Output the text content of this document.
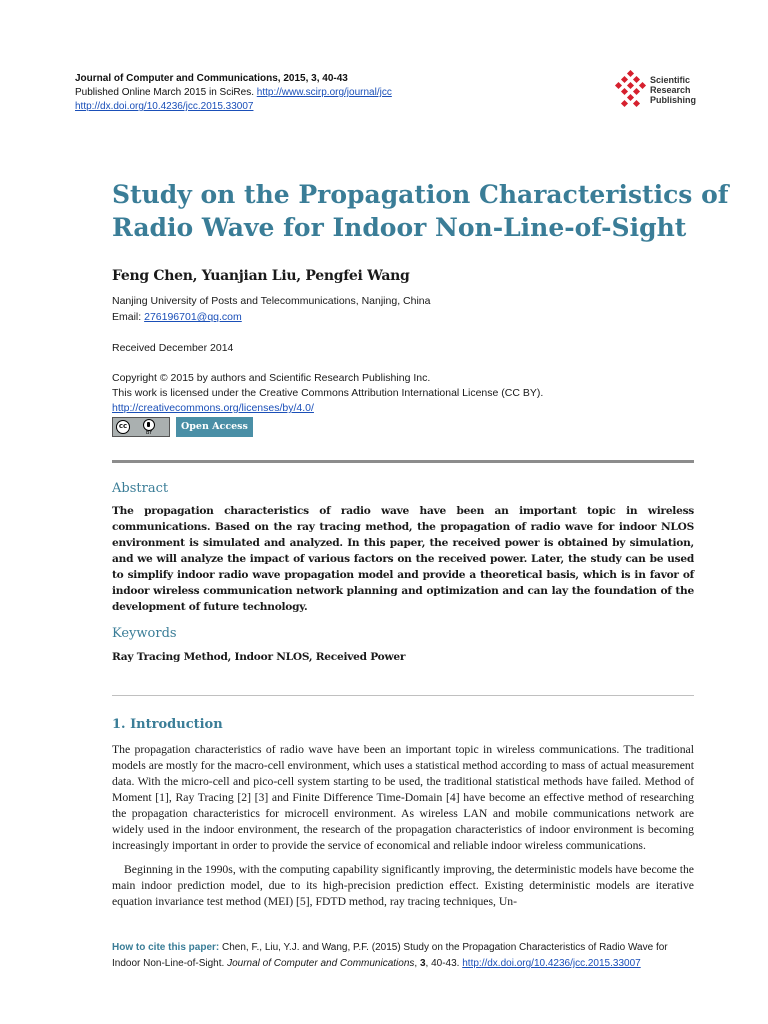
Journal of Computer and Communications, 2015, 3, 40-43
Published Online March 2015 in SciRes. http://www.scirp.org/journal/jcc
http://dx.doi.org/10.4236/jcc.2015.33007
Scientific
Research
Publishing
Study on the Propagation Characteristics of
Radio Wave for Indoor Non-Line-of-Sight
Feng Chen, Yuanjian Liu, Pengfei Wang
Nanjing University of Posts and Telecommunications, Nanjing, China
Email: 276196701@qq.com
Received December 2014
Copyright © 2015 by authors and Scientific Research Publishing Inc.
This work is licensed under the Creative Commons Attribution International License (CC BY).
http://creativecommons.org/licenses/by/4.0/
cc
BY
Open Access
Abstract
The propagation characteristics of radio wave have been an important topic in wireless communications. Based on the ray tracing method, the propagation of radio wave for indoor NLOS environment is simulated and analyzed. In this paper, the received power is obtained by simulation, and we will analyze the impact of various factors on the received power. Later, the study can be used to simplify indoor radio wave propagation model and provide a theoretical basis, which is in favor of indoor wireless communication network planning and optimization and can lay the foundation of the development of future technology.
Keywords
Ray Tracing Method, Indoor NLOS, Received Power
1. Introduction
The propagation characteristics of radio wave have been an important topic in wireless communications. The traditional models are mostly for the macro-cell environment, which uses a statistical method according to mass of actual measurement data. With the micro-cell and pico-cell system starting to be used, the traditional statistical methods have failed. Method of Moment [1], Ray Tracing [2] [3] and Finite Difference Time-Domain [4] have become an effective method of researching the propagation characteristics for microcell environment. As wireless LAN and mobile communications network are widely used in the indoor environment, the research of the propagation characteristics of indoor environment is becoming increasingly important in order to provide the service of economical and reliable indoor wireless communications.
Beginning in the 1990s, with the computing capability significantly improving, the deterministic models have become the main indoor prediction model, due to its high-precision prediction effect. Existing deterministic models are iterative equation invariance test method (MEI) [5], FDTD method, ray tracing techniques, Un-
How to cite this paper: Chen, F., Liu, Y.J. and Wang, P.F. (2015) Study on the Propagation Characteristics of Radio Wave for
Indoor Non-Line-of-Sight. Journal of Computer and Communications, 3, 40-43. http://dx.doi.org/10.4236/jcc.2015.33007
